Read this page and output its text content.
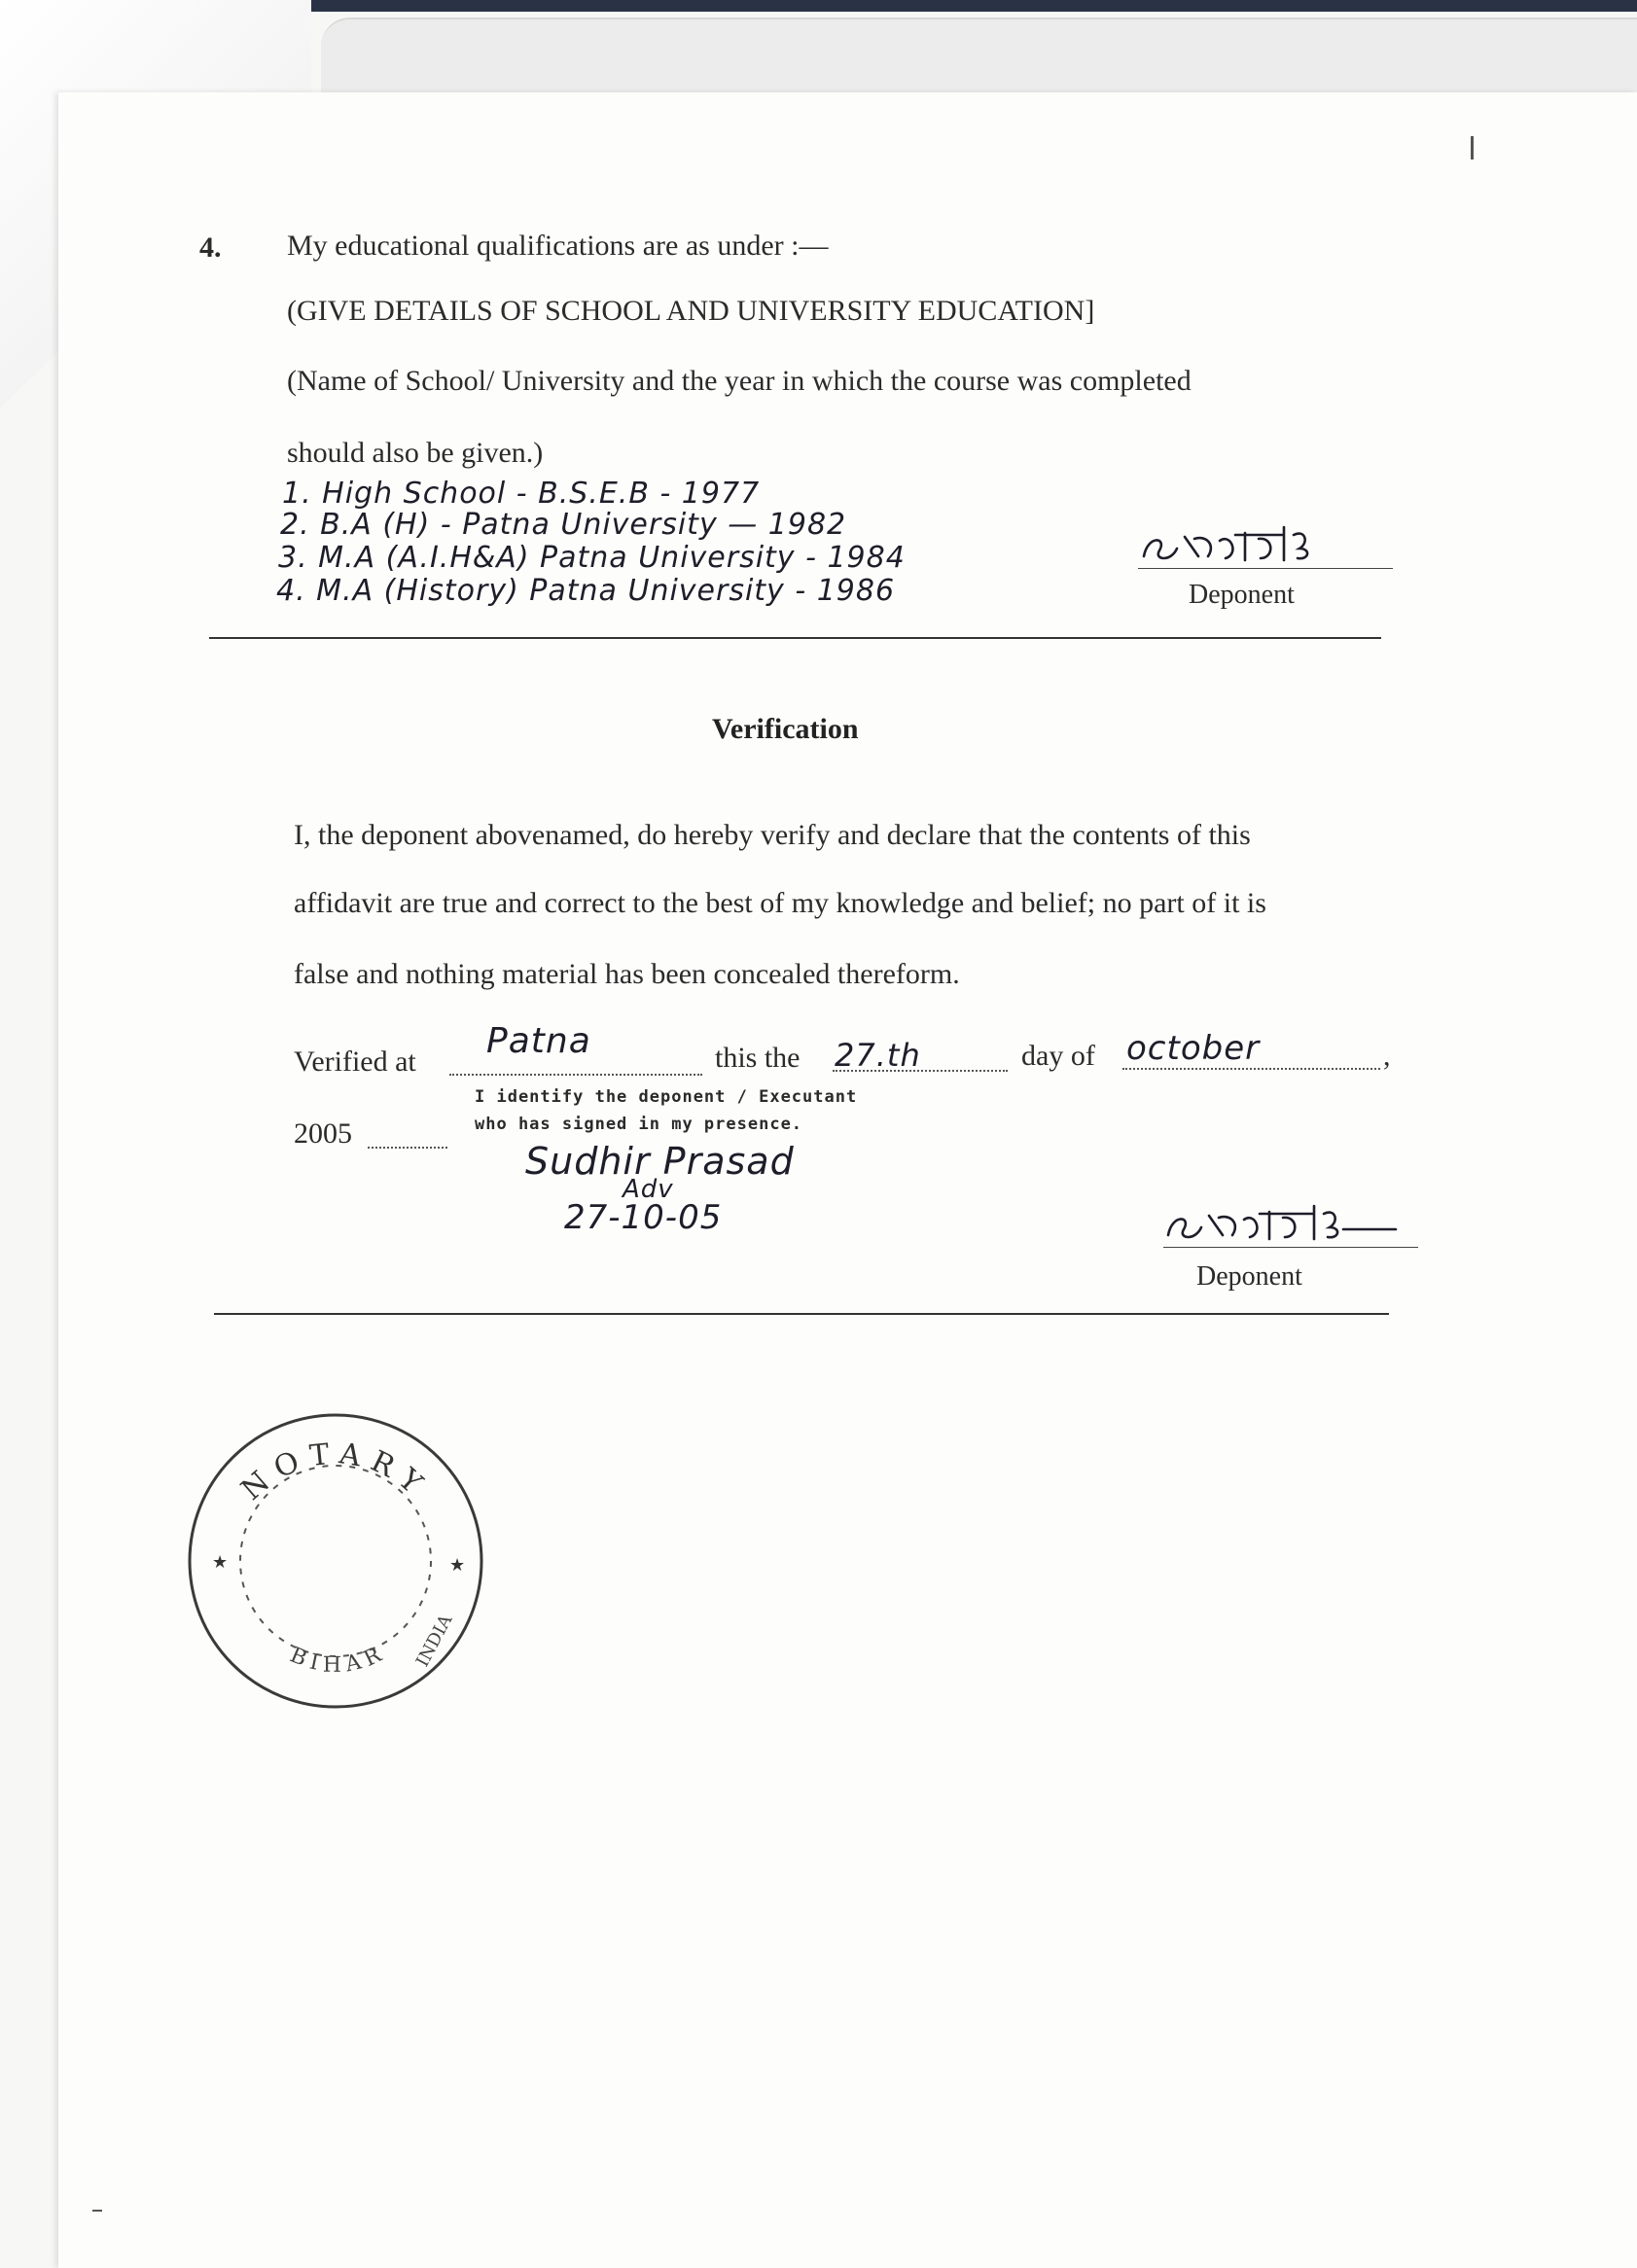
4. My educational qualifications are as under :—
(GIVE DETAILS OF SCHOOL AND UNIVERSITY EDUCATION]
(Name of School/ University and the year in which the course was completed
should also be given.)
1. High School - B.S.E.B - 1977
2. B.A (H) - Patna University — 1982
3. M.A (A.I.H&A) Patna University - 1984
4. M.A (History) Patna University - 1986	Deponent
Verification
I, the deponent abovenamed, do hereby verify and declare that the contents of this
affidavit are true and correct to the best of my knowledge and belief; no part of it is
false and nothing material has been concealed thereform.
Verified at
Patna	this the 27.th	day of october	,
2005
I identify the deponent / Executant
who has signed in my presence.
Sudhir Prasad
Adv
27-10-05
Deponent
NOTARY
BIHAR INDIA
★	★
